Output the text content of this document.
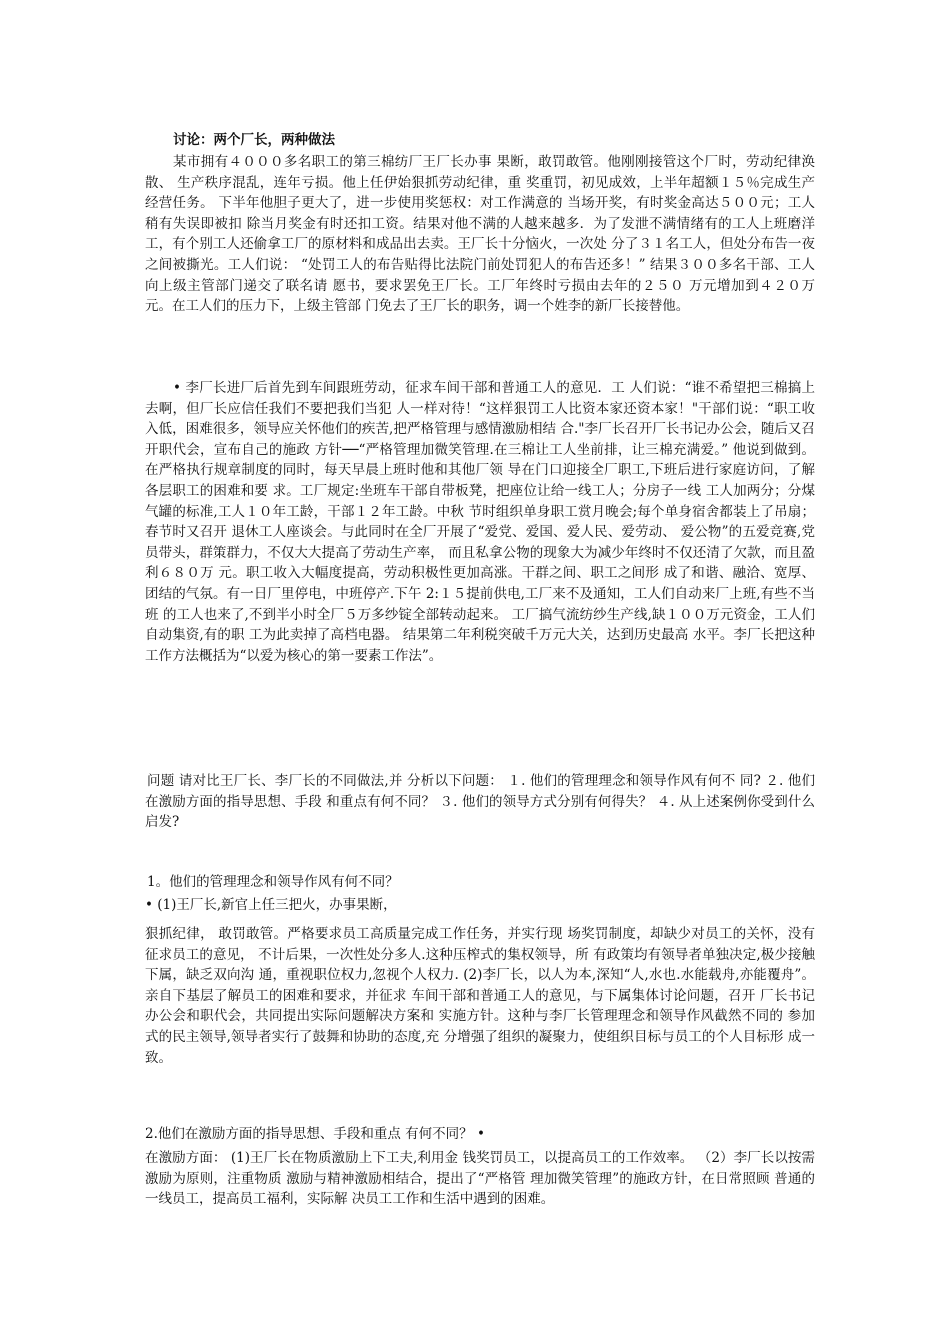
讨论：两个厂长，两种做法

某市拥有４０００多名职工的第三棉纺厂王厂长办事 果断，敢罚敢管。他刚刚接管这个厂时，劳动纪律涣散、 生产秩序混乱，连年亏损。他上任伊始狠抓劳动纪律，重 奖重罚，初见成效，上半年超额１５％完成生产经营任务。 下半年他胆子更大了，进一步使用奖惩权：对工作满意的 当场开奖，有时奖金高达５００元；工人稍有失误即被扣 除当月奖金有时还扣工资。结果对他不满的人越来越多．为了发泄不满情绪有的工人上班磨洋工，有个别工人还偷拿工厂的原材料和成品出去卖。王厂长十分恼火，一次处 分了３１名工人，但处分布告一夜之间被撕光。工人们说： “处罚工人的布告贴得比法院门前处罚犯人的布告还多！” 结果３００多名干部、工人向上级主管部门递交了联名请 愿书，要求罢免王厂长。工厂年终时亏损由去年的２５０ 万元增加到４２０万元。在工人们的压力下，上级主管部 门免去了王厂长的职务，调一个姓李的新厂长接替他。

• 李厂长进厂后首先到车间跟班劳动，征求车间干部和普通工人的意见．工 人们说：“谁不希望把三棉搞上去啊，但厂长应信任我们不要把我们当犯 人一样对待！“这样狠罚工人比资本家还资本家！"干部们说：“职工收 入低，困难很多，领导应关怀他们的疾苦,把严格管理与感情激励相结 合."李厂长召开厂长书记办公会，随后又召开职代会，宣布自己的施政 方针──“严格管理加微笑管理.在三棉让工人坐前排，让三棉充满爱。” 他说到做到。在严格执行规章制度的同时，每天早晨上班时他和其他厂领 导在门口迎接全厂职工,下班后进行家庭访问，了解各层职工的困难和要 求。工厂规定:坐班车干部自带板凳，把座位让给一线工人；分房子一线 工人加两分；分煤气罐的标准,工人１０年工龄，干部１２年工龄。中秋 节时组织单身职工赏月晚会;每个单身宿舍都装上了吊扇；春节时又召开 退休工人座谈会。与此同时在全厂开展了“爱党、爱国、爱人民、爱劳动、 爱公物”的五爱竞赛,党员带头，群策群力，不仅大大提高了劳动生产率， 而且私拿公物的现象大为减少年终时不仅还清了欠款，而且盈利６８０万 元。职工收入大幅度提高，劳动积极性更加高涨。干群之间、职工之间形 成了和谐、融洽、宽厚、团结的气氛。有一日厂里停电，中班停产.下午 2:１５提前供电,工厂来不及通知，工人们自动来厂上班,有些不当班 的工人也来了,不到半小时全厂５万多纱锭全部转动起来。 工厂搞气流纺纱生产线,缺１００万元资金，工人们自动集资,有的职 工为此卖掉了高档电器。 结果第二年利税突破千万元大关，达到历史最高 水平。李厂长把这种工作方法概括为“以爱为核心的第一要素工作法”。

问题 请对比王厂长、李厂长的不同做法,并 分析以下问题： １. 他们的管理理念和领导作风有何不 同? ２. 他们在激励方面的指导思想、手段 和重点有何不同？ ３. 他们的领导方式分别有何得失？ ４. 从上述案例你受到什么启发?

1。他们的管理理念和领导作风有何不同？
• (1)王厂长,新官上任三把火，办事果断，

狠抓纪律， 敢罚敢管。严格要求员工高质量完成工作任务，并实行现 场奖罚制度，却缺少对员工的关怀，没有征求员工的意见， 不计后果，一次性处分多人.这种压榨式的集权领导，所 有政策均有领导者单独决定,极少接触下属，缺乏双向沟 通，重视职位权力,忽视个人权力. (2)李厂长，以人为本,深知“人,水也.水能载舟,亦能覆舟”。亲自下基层了解员工的困难和要求，并征求 车间干部和普通工人的意见，与下属集体讨论问题，召开 厂长书记办公会和职代会，共同提出实际问题解决方案和 实施方针。这种与李厂长管理理念和领导作风截然不同的 参加式的民主领导,领导者实行了鼓舞和协助的态度,充 分增强了组织的凝聚力，使组织目标与员工的个人目标形 成一致。

2.他们在激励方面的指导思想、手段和重点 有何不同？ •

在激励方面： (1)王厂长在物质激励上下工夫,利用金 钱奖罚员工，以提高员工的工作效率。 （2）李厂长以按需激励为原则，注重物质 激励与精神激励相结合，提出了“严格管 理加微笑管理”的施政方针，在日常照顾 普通的一线员工，提高员工福利，实际解 决员工工作和生活中遇到的困难。
